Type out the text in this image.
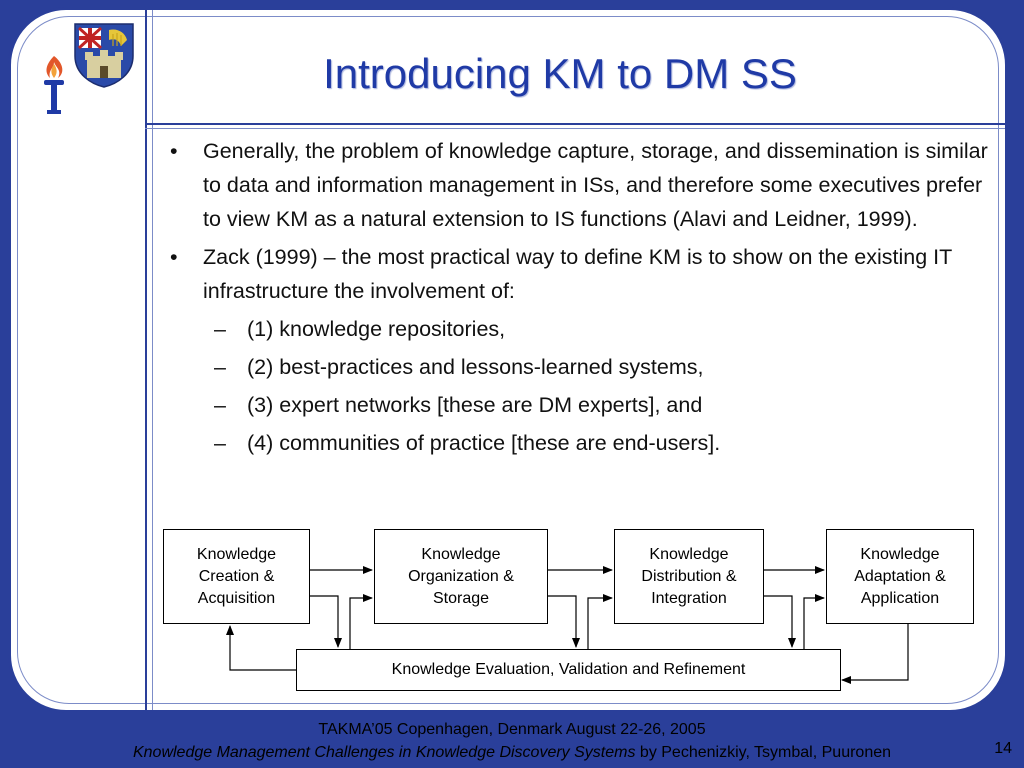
Introducing KM to DM SS
• Generally, the problem of knowledge capture, storage, and dissemination is similar to data and information management in ISs, and therefore some executives prefer to view KM as a natural extension to IS functions (Alavi and Leidner, 1999).
• Zack (1999) – the most practical way to define KM is to show on the existing IT infrastructure the involvement of:
– (1) knowledge repositories,
– (2) best-practices and lessons-learned systems,
– (3) expert networks [these are DM experts], and
– (4) communities of practice [these are end-users].
Knowledge
Creation &
Acquisition
Knowledge
Organization &
Storage
Knowledge
Distribution &
Integration
Knowledge
Adaptation &
Application
Knowledge Evaluation, Validation and Refinement
TAKMA’05 Copenhagen, Denmark August 22-26, 2005
Knowledge Management Challenges in Knowledge Discovery Systems by Pechenizkiy, Tsymbal, Puuronen	14
